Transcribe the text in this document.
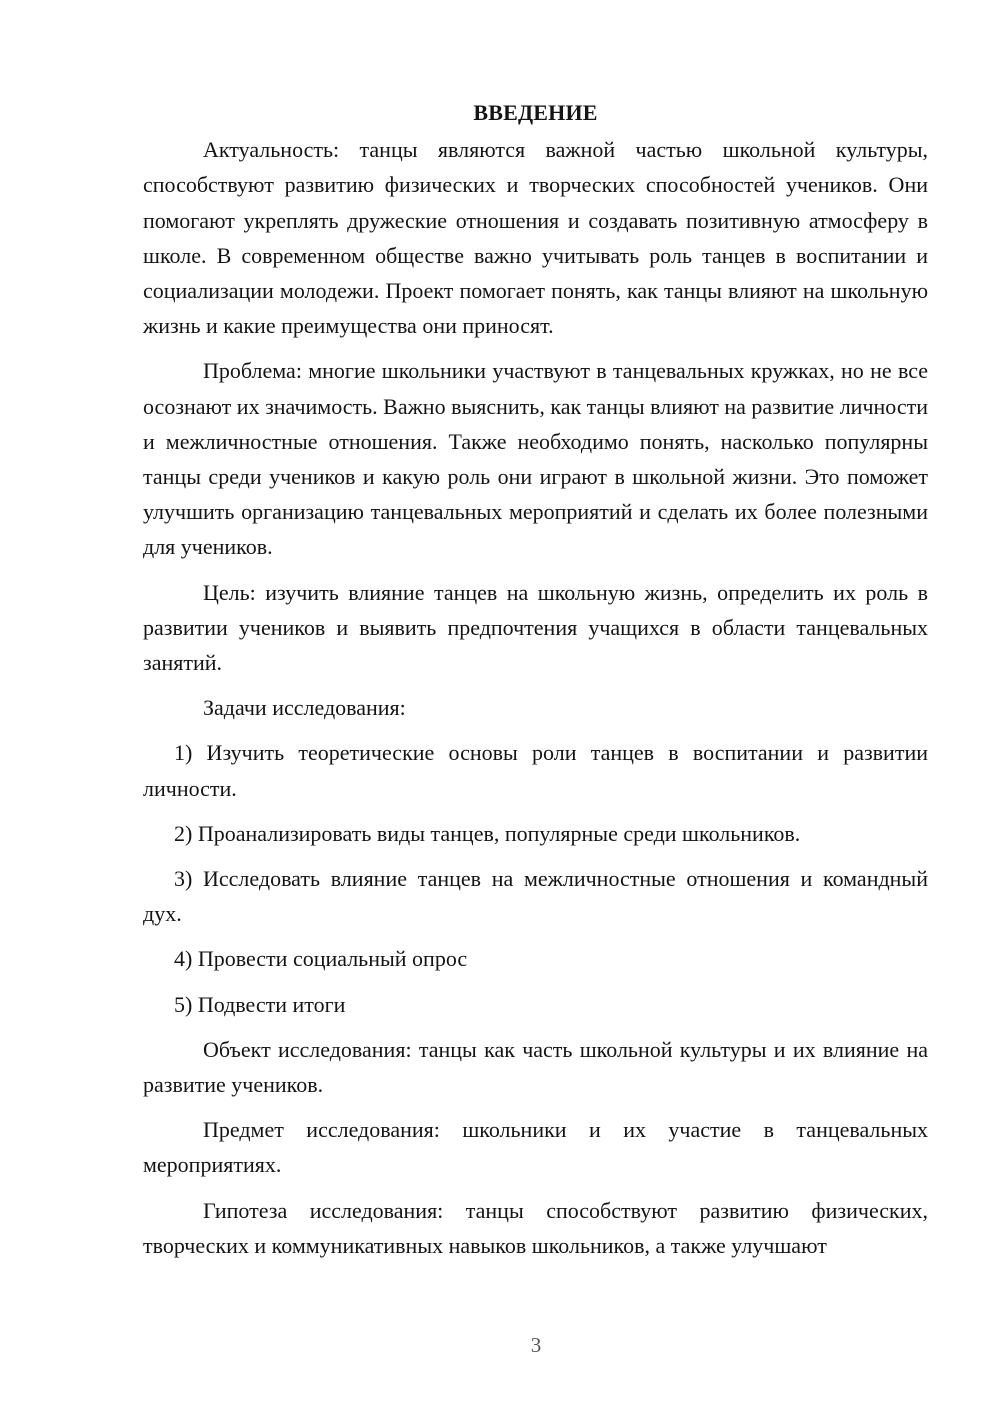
ВВЕДЕНИЕ

Актуальность: танцы являются важной частью школьной культуры, способствуют развитию физических и творческих способностей учеников. Они помогают укреплять дружеские отношения и создавать позитивную атмосферу в школе. В современном обществе важно учитывать роль танцев в воспитании и социализации молодежи. Проект помогает понять, как танцы влияют на школьную жизнь и какие преимущества они приносят.

Проблема: многие школьники участвуют в танцевальных кружках, но не все осознают их значимость. Важно выяснить, как танцы влияют на развитие личности и межличностные отношения. Также необходимо понять, насколько популярны танцы среди учеников и какую роль они играют в школьной жизни. Это поможет улучшить организацию танцевальных мероприятий и сделать их более полезными для учеников.

Цель: изучить влияние танцев на школьную жизнь, определить их роль в развитии учеников и выявить предпочтения учащихся в области танцевальных занятий.

Задачи исследования:

1) Изучить теоретические основы роли танцев в воспитании и развитии личности.

2) Проанализировать виды танцев, популярные среди школьников.

3) Исследовать влияние танцев на межличностные отношения и командный дух.

4) Провести социальный опрос

5) Подвести итоги

Объект исследования: танцы как часть школьной культуры и их влияние на развитие учеников.

Предмет исследования: школьники и их участие в танцевальных мероприятиях.

Гипотеза исследования: танцы способствуют развитию физических, творческих и коммуникативных навыков школьников, а также улучшают

3
